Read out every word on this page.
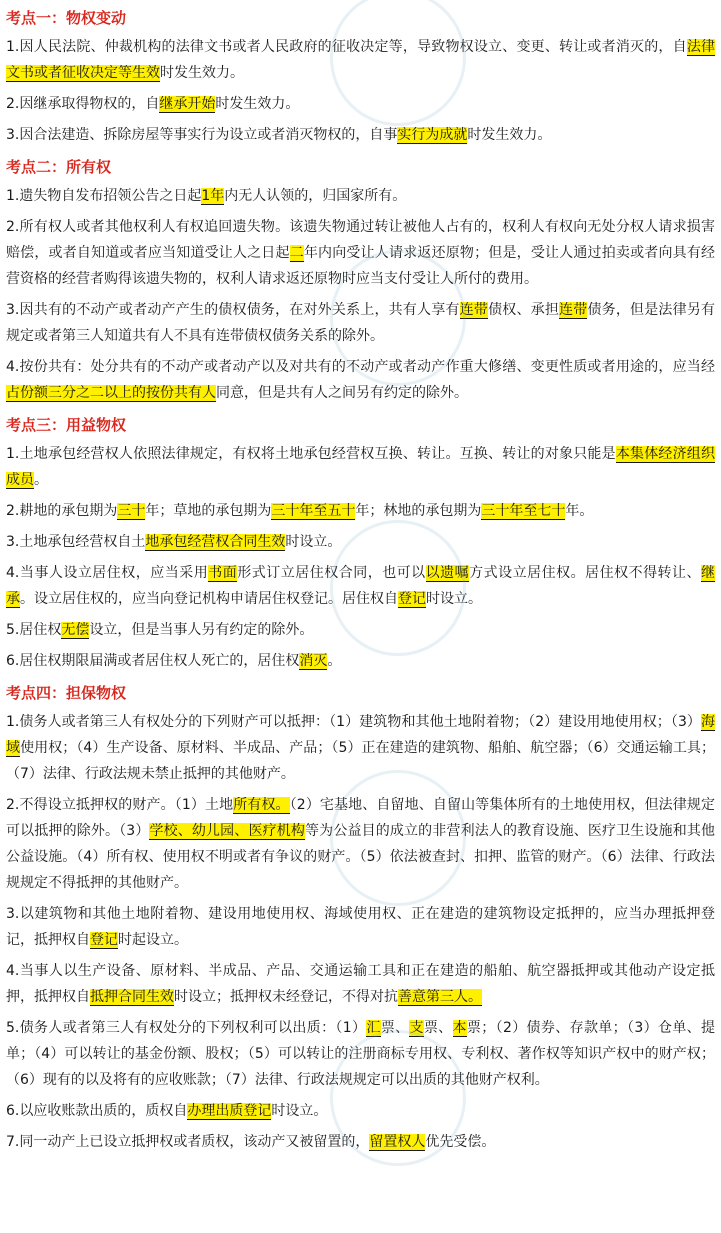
考点一：物权变动
1.因人民法院、仲裁机构的法律文书或者人民政府的征收决定等，导致物权设立、变更、转让或者消灭的，自法律文书或者征收决定等生效时发生效力。
2.因继承取得物权的，自继承开始时发生效力。
3.因合法建造、拆除房屋等事实行为设立或者消灭物权的，自事实行为成就时发生效力。
考点二：所有权
1.遗失物自发布招领公告之日起1年内无人认领的，归国家所有。
2.所有权人或者其他权利人有权追回遗失物。该遗失物通过转让被他人占有的，权利人有权向无处分权人请求损害赔偿，或者自知道或者应当知道受让人之日起二年内向受让人请求返还原物；但是，受让人通过拍卖或者向具有经营资格的经营者购得该遗失物的，权利人请求返还原物时应当支付受让人所付的费用。
3.因共有的不动产或者动产产生的债权债务，在对外关系上，共有人享有连带债权、承担连带债务，但是法律另有规定或者第三人知道共有人不具有连带债权债务关系的除外。
4.按份共有：处分共有的不动产或者动产以及对共有的不动产或者动产作重大修缮、变更性质或者用途的，应当经占份额三分之二以上的按份共有人同意，但是共有人之间另有约定的除外。
考点三：用益物权
1.土地承包经营权人依照法律规定，有权将土地承包经营权互换、转让。互换、转让的对象只能是本集体经济组织成员。
2.耕地的承包期为三十年；草地的承包期为三十年至五十年；林地的承包期为三十年至七十年。
3.土地承包经营权自土地承包经营权合同生效时设立。
4.当事人设立居住权，应当采用书面形式订立居住权合同，也可以以遗嘱方式设立居住权。居住权不得转让、继承。设立居住权的，应当向登记机构申请居住权登记。居住权自登记时设立。
5.居住权无偿设立，但是当事人另有约定的除外。
6.居住权期限届满或者居住权人死亡的，居住权消灭。
考点四：担保物权
1.债务人或者第三人有权处分的下列财产可以抵押：（1）建筑物和其他土地附着物；（2）建设用地使用权；（3）海域使用权；（4）生产设备、原材料、半成品、产品；（5）正在建造的建筑物、船舶、航空器；（6）交通运输工具；（7）法律、行政法规未禁止抵押的其他财产。
2.不得设立抵押权的财产。（1）土地所有权。（2）宅基地、自留地、自留山等集体所有的土地使用权，但法律规定可以抵押的除外。（3）学校、幼儿园、医疗机构等为公益目的成立的非营利法人的教育设施、医疗卫生设施和其他公益设施。（4）所有权、使用权不明或者有争议的财产。（5）依法被查封、扣押、监管的财产。（6）法律、行政法规规定不得抵押的其他财产。
3.以建筑物和其他土地附着物、建设用地使用权、海域使用权、正在建造的建筑物设定抵押的，应当办理抵押登记，抵押权自登记时起设立。
4.当事人以生产设备、原材料、半成品、产品、交通运输工具和正在建造的船舶、航空器抵押或其他动产设定抵押，抵押权自抵押合同生效时设立；抵押权未经登记，不得对抗善意第三人。
5.债务人或者第三人有权处分的下列权利可以出质：（1）汇票、支票、本票；（2）债券、存款单；（3）仓单、提单；（4）可以转让的基金份额、股权；（5）可以转让的注册商标专用权、专利权、著作权等知识产权中的财产权；（6）现有的以及将有的应收账款；（7）法律、行政法规规定可以出质的其他财产权利。
6.以应收账款出质的，质权自办理出质登记时设立。
7.同一动产上已设立抵押权或者质权，该动产又被留置的，留置权人优先受偿。
